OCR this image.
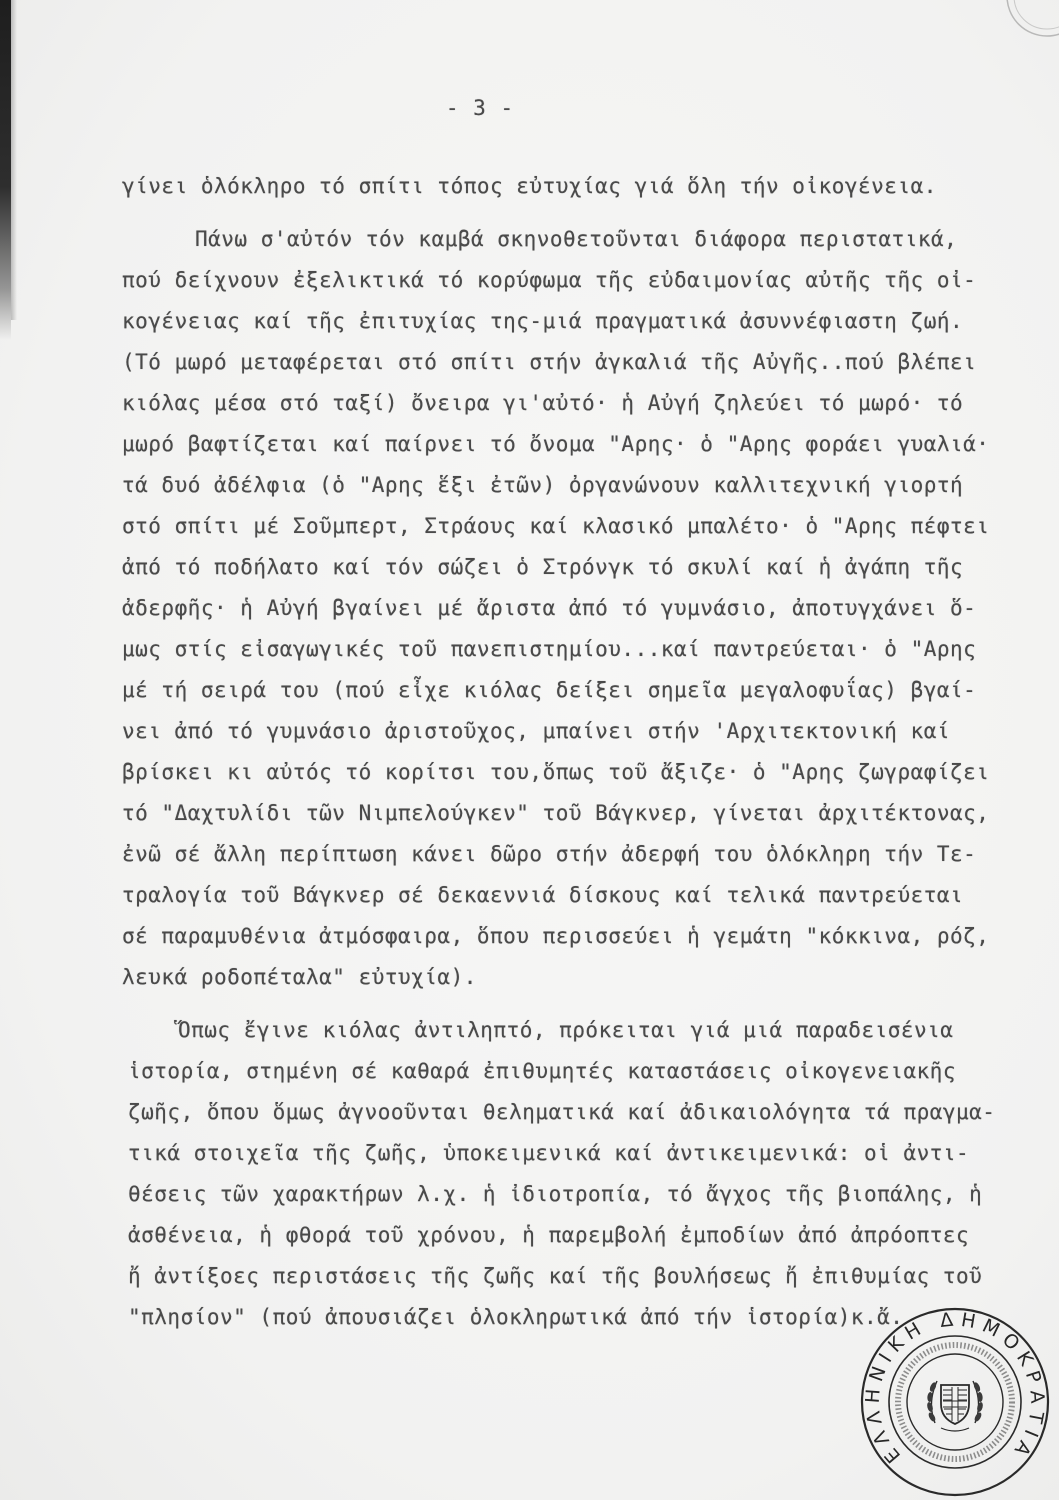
- 3 -
γίνει ὁλόκληρο τό σπίτι τόπος εὐτυχίας γιά ὅλη τήν οἰκογένεια.
Πάνω σ'αὐτόν τόν καμβά σκηνοθετοῦνται διάφορα περιστατικά,
πού δείχνουν ἐξελικτικά τό κορύφωμα τῆς εὐδαιμονίας αὐτῆς τῆς οἰ-
κογένειας καί τῆς ἐπιτυχίας της-μιά πραγματικά ἀσυννέφιαστη ζωή.
(Τό μωρό μεταφέρεται στό σπίτι στήν ἀγκαλιά τῆς Αὐγῆς..πού βλέπει
κιόλας μέσα στό ταξί) ὄνειρα γι'αὐτό· ἡ Αὐγή ζηλεύει τό μωρό· τό
μωρό βαφτίζεται καί παίρνει τό ὄνομα "Αρης· ὁ "Αρης φοράει γυαλιά·
τά δυό ἀδέλφια (ὁ "Αρης ἕξι ἐτῶν) ὀργανώνουν καλλιτεχνική γιορτή
στό σπίτι μέ Σοῦμπερτ, Στράους καί κλασικό μπαλέτο· ὁ "Αρης πέφτει
ἀπό τό ποδήλατο καί τόν σώζει ὁ Στρόνγκ τό σκυλί καί ἡ ἀγάπη τῆς
ἀδερφῆς· ἡ Αὐγή βγαίνει μέ ἄριστα ἀπό τό γυμνάσιο, ἀποτυγχάνει ὅ-
μως στίς εἰσαγωγικές τοῦ πανεπιστημίου...καί παντρεύεται· ὁ "Αρης
μέ τή σειρά του (πού εἶχε κιόλας δείξει σημεῖα μεγαλοφυΐας) βγαί-
νει ἀπό τό γυμνάσιο ἀριστοῦχος, μπαίνει στήν 'Αρχιτεκτονική καί
βρίσκει κι αὐτός τό κορίτσι του,ὅπως τοῦ ἄξιζε· ὁ "Αρης ζωγραφίζει
τό "Δαχτυλίδι τῶν Νιμπελούγκεν" τοῦ Βάγκνερ, γίνεται ἀρχιτέκτονας,
ἐνῶ σέ ἄλλη περίπτωση κάνει δῶρο στήν ἀδερφή του ὁλόκληρη τήν Τε-
τραλογία τοῦ Βάγκνερ σέ δεκαεννιά δίσκους καί τελικά παντρεύεται
σέ παραμυθένια ἀτμόσφαιρα, ὅπου περισσεύει ἡ γεμάτη "κόκκινα, ρόζ,
λευκά ροδοπέταλα" εὐτυχία).
Ὅπως ἔγινε κιόλας ἀντιληπτό, πρόκειται γιά μιά παραδεισένια
ἱστορία, στημένη σέ καθαρά ἐπιθυμητές καταστάσεις οἰκογενειακῆς
ζωῆς, ὅπου ὅμως ἀγνοοῦνται θεληματικά καί ἀδικαιολόγητα τά πραγμα-
τικά στοιχεῖα τῆς ζωῆς, ὑποκειμενικά καί ἀντικειμενικά: οἱ ἀντι-
θέσεις τῶν χαρακτήρων λ.χ. ἡ ἰδιοτροπία, τό ἄγχος τῆς βιοπάλης, ἡ
ἀσθένεια, ἡ φθορά τοῦ χρόνου, ἡ παρεμβολή ἐμποδίων ἀπό ἀπρόοπτες
ἤ ἀντίξοες περιστάσεις τῆς ζωῆς καί τῆς βουλήσεως ἤ ἐπιθυμίας τοῦ
"πλησίον" (πού ἀπουσιάζει ὁλοκληρωτικά ἀπό τήν ἱστορία)κ.ἄ.
ΕΛΛΗΝΙΚΗ ΔΗΜΟΚΡΑΤΙΑ
